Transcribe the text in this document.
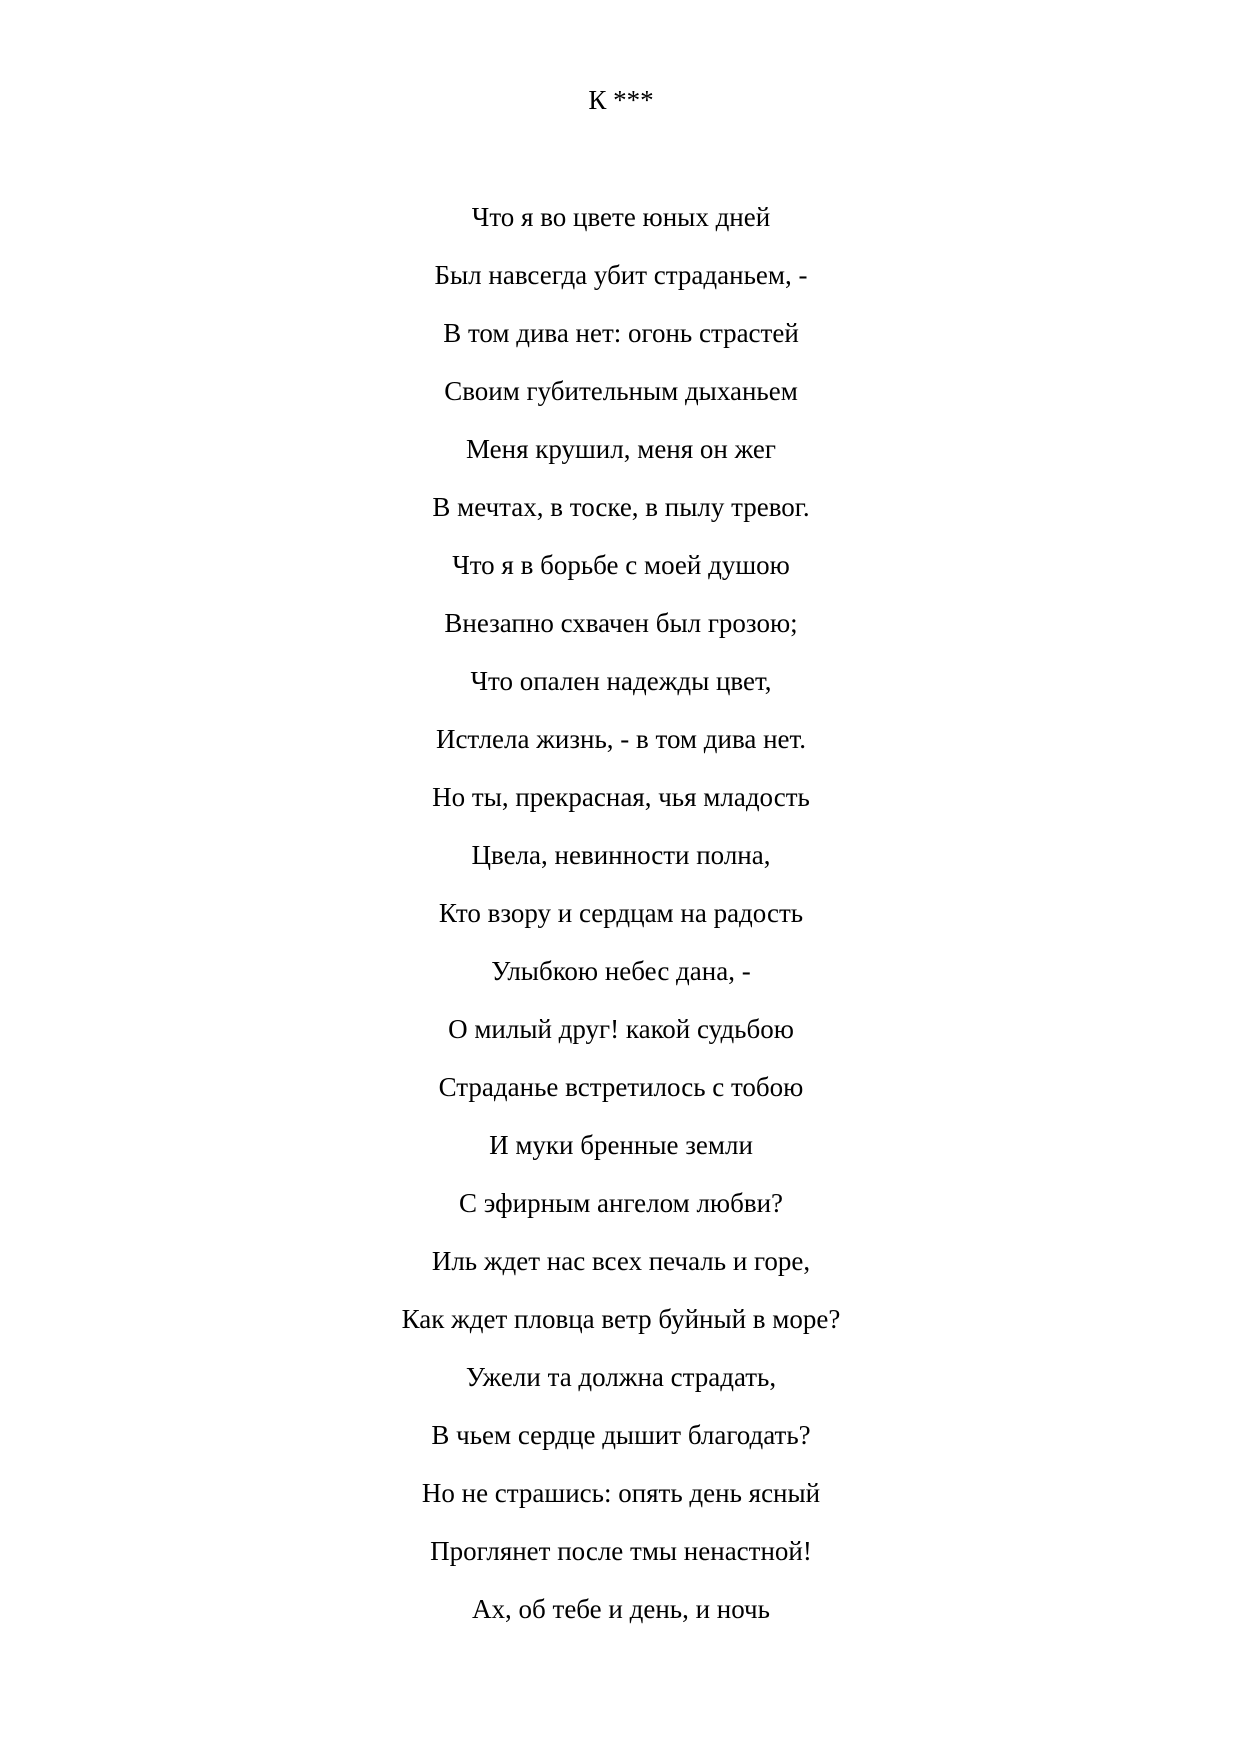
К ***
Что я во цвете юных дней
Был навсегда убит страданьем, -
В том дива нет: огонь страстей
Своим губительным дыханьем
Меня крушил, меня он жег
В мечтах, в тоске, в пылу тревог.
Что я в борьбе с моей душою
Внезапно схвачен был грозою;
Что опален надежды цвет,
Истлела жизнь, - в том дива нет.
Но ты, прекрасная, чья младость
Цвела, невинности полна,
Кто взору и сердцам на радость
Улыбкою небес дана, -
О милый друг! какой судьбою
Страданье встретилось с тобою
И муки бренные земли
С эфирным ангелом любви?
Иль ждет нас всех печаль и горе,
Как ждет пловца ветр буйный в море?
Ужели та должна страдать,
В чьем сердце дышит благодать?
Но не страшись: опять день ясный
Проглянет после тмы ненастной!
Ах, об тебе и день, и ночь
